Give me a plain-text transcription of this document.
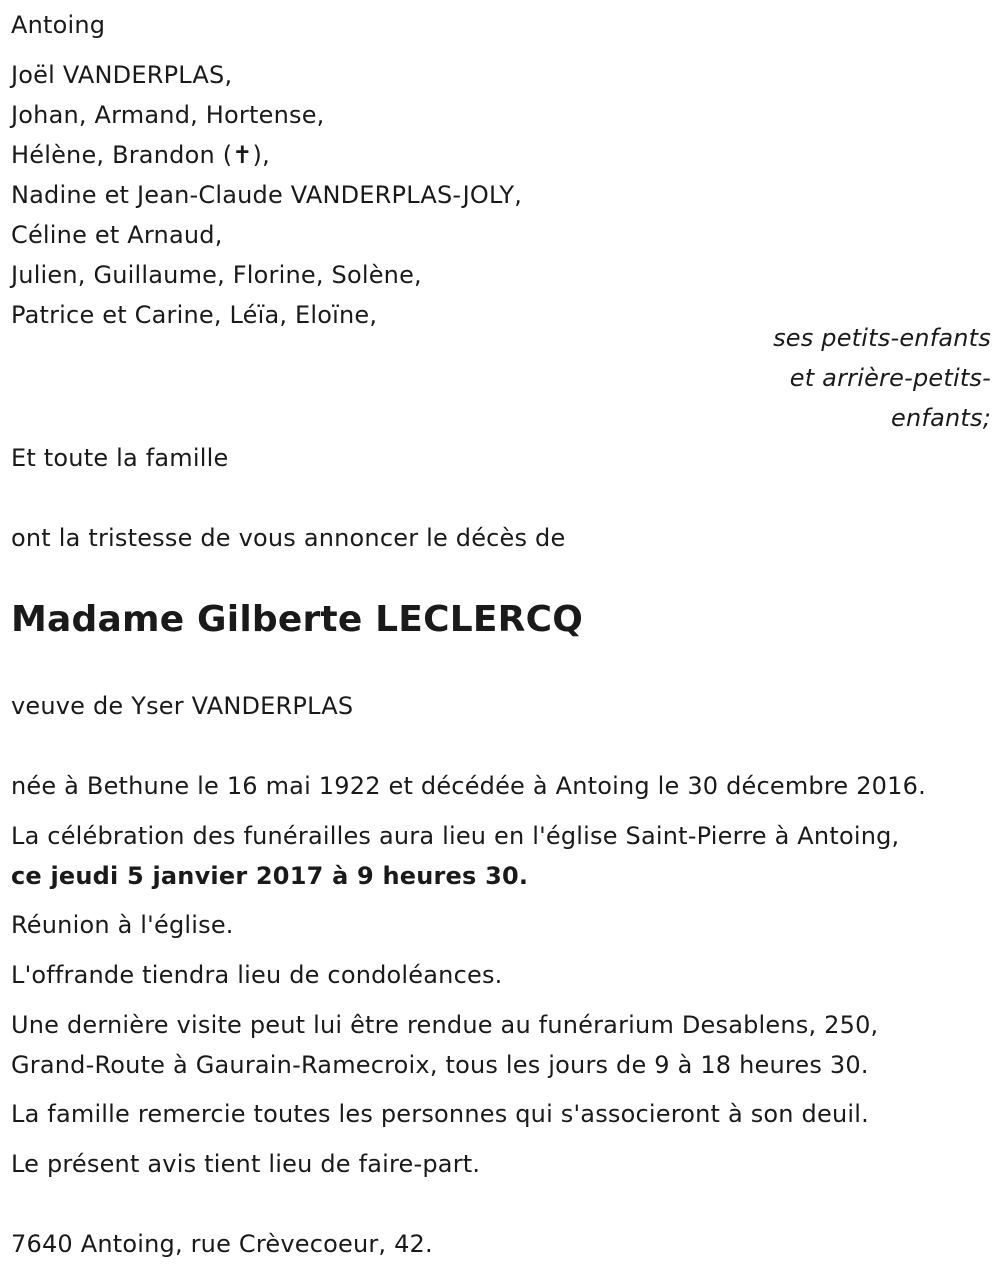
Antoing
Joël VANDERPLAS,
Johan, Armand, Hortense,
Hélène, Brandon (✝),
Nadine et Jean-Claude VANDERPLAS-JOLY,
Céline et Arnaud,
Julien, Guillaume, Florine, Solène,
Patrice et Carine, Léïa, Eloïne,
ses petits-enfants
et arrière-petits-
enfants;
Et toute la famille
ont la tristesse de vous annoncer le décès de
Madame Gilberte LECLERCQ
veuve de Yser VANDERPLAS
née à Bethune le 16 mai 1922 et décédée à Antoing le 30 décembre 2016.
La célébration des funérailles aura lieu en l'église Saint-Pierre à Antoing,
ce jeudi 5 janvier 2017 à 9 heures 30.
Réunion à l'église.
L'offrande tiendra lieu de condoléances.
Une dernière visite peut lui être rendue au funérarium Desablens, 250,
Grand-Route à Gaurain-Ramecroix, tous les jours de 9 à 18 heures 30.
La famille remercie toutes les personnes qui s'associeront à son deuil.
Le présent avis tient lieu de faire-part.
7640 Antoing, rue Crèvecoeur, 42.
